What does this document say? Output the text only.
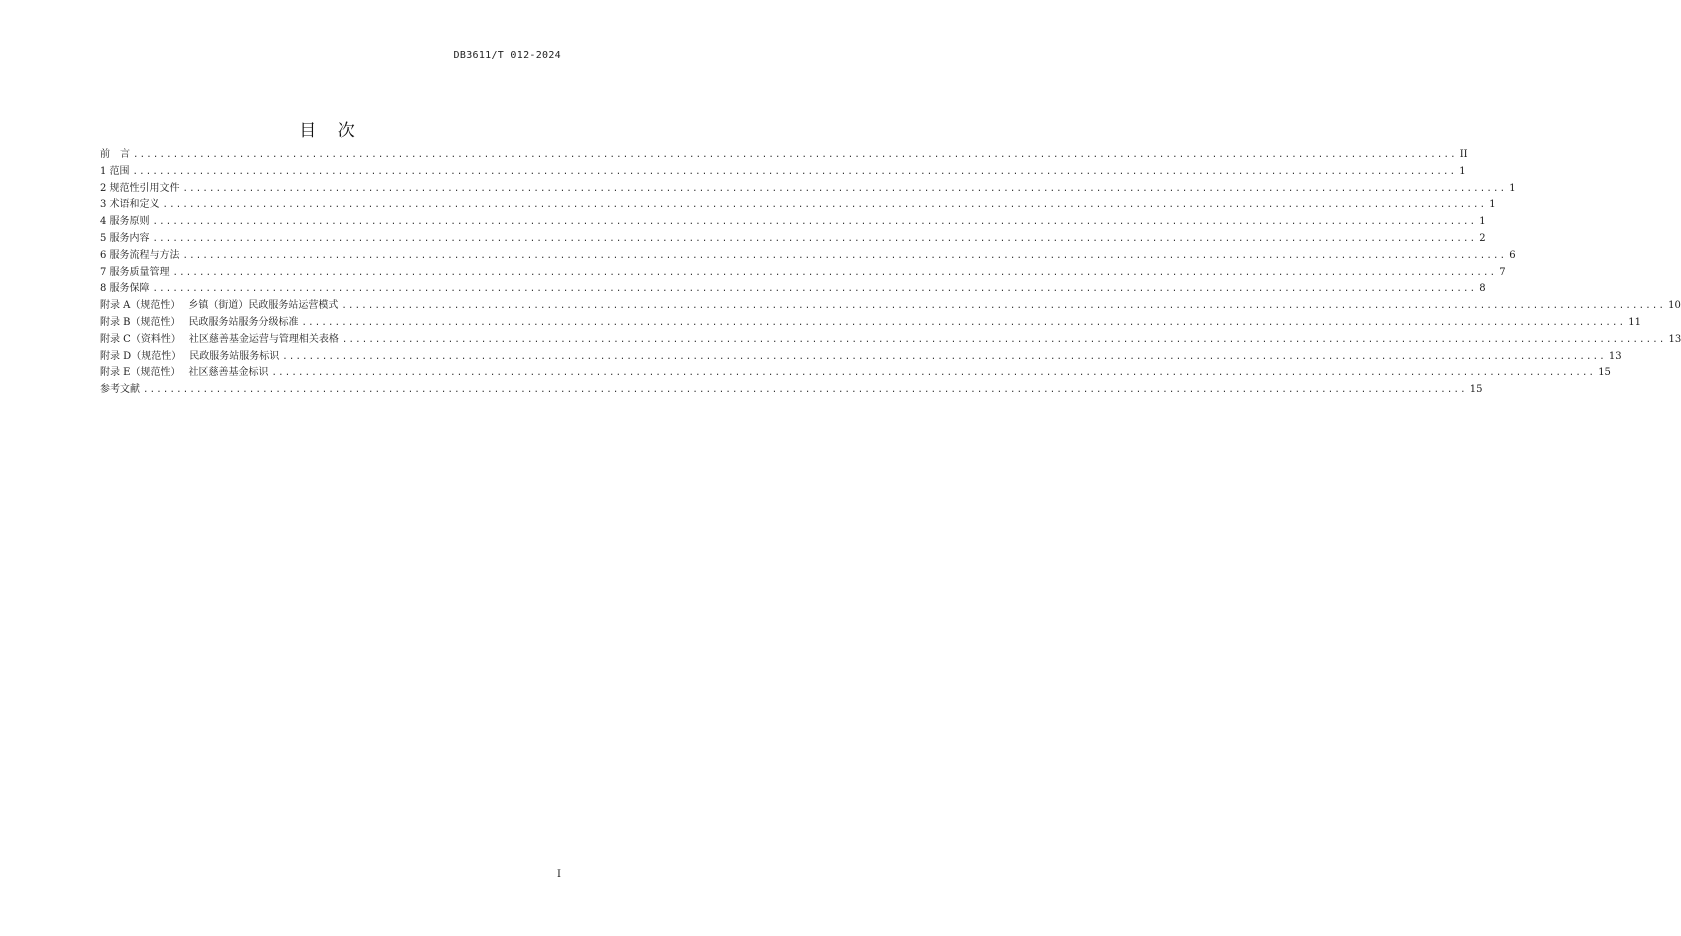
DB3611/T 012-2024
目 次
前　言 ........................................................................................................................................................................................................ II
1 范围 ........................................................................................................................................................................................................ 1
2 规范性引用文件 ........................................................................................................................................................................................................ 1
3 术语和定义 ........................................................................................................................................................................................................ 1
4 服务原则 ........................................................................................................................................................................................................ 1
5 服务内容 ........................................................................................................................................................................................................ 2
6 服务流程与方法 ........................................................................................................................................................................................................ 6
7 服务质量管理 ........................................................................................................................................................................................................ 7
8 服务保障 ........................................................................................................................................................................................................ 8
附录 A（规范性） 乡镇（街道）民政服务站运营模式 ........................................................................................................................................................................................................ 10
附录 B（规范性） 民政服务站服务分级标准 ........................................................................................................................................................................................................ 11
附录 C（资料性） 社区慈善基金运营与管理相关表格 ........................................................................................................................................................................................................ 13
附录 D（规范性） 民政服务站服务标识 ........................................................................................................................................................................................................ 13
附录 E（规范性） 社区慈善基金标识 ........................................................................................................................................................................................................ 15
参考文献 ........................................................................................................................................................................................................ 15
I
